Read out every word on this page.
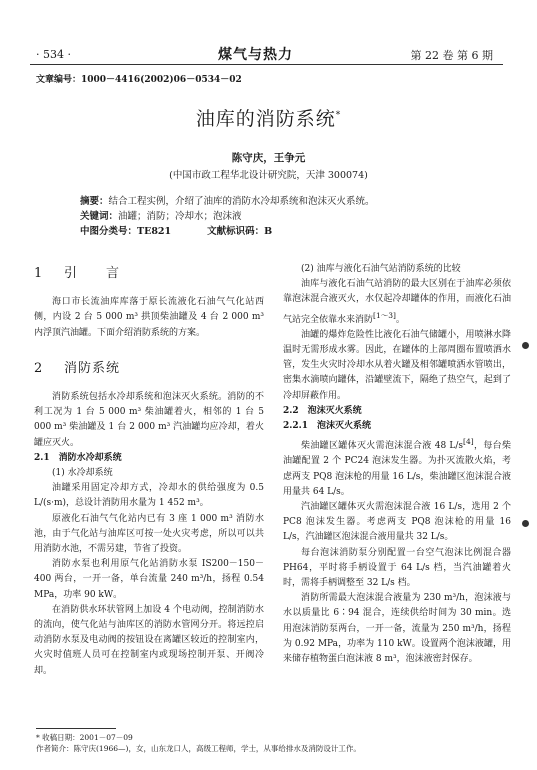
· 534 ·	煤气与热力	第 22 卷 第 6 期
文章编号：1000－4416(2002)06－0534－02
油库的消防系统*
陈守庆，王争元
(中国市政工程华北设计研究院，天津 300074)
摘要：结合工程实例，介绍了油库的消防水冷却系统和泡沫灭火系统。
关键词：油罐；消防；冷却水；泡沫液
中图分类号：TE821	文献标识码：B

1 引　　言

海口市长流油库库落于原长流液化石油气气化站西侧，内设 2 台 5 000 m³ 拱顶柴油罐及 4 台 2 000 m³ 内浮顶汽油罐。下面介绍消防系统的方案。

2 消防系统

消防系统包括水冷却系统和泡沫灭火系统。消防的不利工况为 1 台 5 000 m³ 柴油罐着火，相邻的 1 台 5 000 m³ 柴油罐及 1 台 2 000 m³ 汽油罐均应冷却，着火罐应灭火。

2.1　消防水冷却系统

(1) 水冷却系统

油罐采用固定冷却方式，冷却水的供给强度为 0.5 L/(s·m)，总设计消防用水量为 1 452 m³。

原液化石油气气化站内已有 3 座 1 000 m³ 消防水池，由于气化站与油库区可按一处火灾考虑，所以可以共用消防水池，不需另建，节省了投资。

消防水泵也利用原气化站消防水泵 IS200－150－400 两台，一开一备，单台流量 240 m³/h，扬程 0.54 MPa，功率 90 kW。

在消防供水环状管网上加设 4 个电动阀，控制消防水的流向，使气化站与油库区的消防水管网分开。将远控启动消防水泵及电动阀的按钮设在离罐区较近的控制室内，火灾时值班人员可在控制室内或现场控制开泵、开阀冷却。

(2) 油库与液化石油气站消防系统的比较

油库与液化石油气站消防的最大区别在于油库必须依靠泡沫混合液灭火，水仅起冷却罐体的作用，而液化石油气站完全依靠水来消防[1～3]。

油罐的爆炸危险性比液化石油气储罐小，用喷淋水降温时无需形成水雾。因此，在罐体的上部周圈布置喷洒水管，发生火灾时冷却水从着火罐及相邻罐喷洒水管喷出，密集水滴喷向罐体，沿罐壁流下，隔绝了热空气，起到了冷却屏蔽作用。

2.2　泡沫灭火系统

2.2.1　泡沫灭火系统

柴油罐区罐体灭火需泡沫混合液 48 L/s[4]，每台柴油罐配置 2 个 PC24 泡沫发生器。为扑灭流散火焰，考虑两支 PQ8 泡沫枪的用量 16 L/s，柴油罐区泡沫混合液用量共 64 L/s。

汽油罐区罐体灭火需泡沫混合液 16 L/s，选用 2 个 PC8 泡沫发生器。考虑两支 PQ8 泡沫枪的用量 16 L/s，汽油罐区泡沫混合液用量共 32 L/s。

每台泡沫消防泵分别配置一台空气泡沫比例混合器 PH64，平时将手柄设置于 64 L/s 档，当汽油罐着火时，需将手柄调整至 32 L/s 档。

消防所需最大泡沫混合液量为 230 m³/h，泡沫液与水以质量比 6∶94 混合，连续供给时间为 30 min。选用泡沫消防泵两台，一开一备，流量为 250 m³/h，扬程为 0.92 MPa，功率为 110 kW。设置两个泡沫液罐，用来储存植物蛋白泡沫液 8 m³，泡沫液密封保存。

* 收稿日期：2001－07－09
作者简介：陈守庆(1966—)，女，山东龙口人，高级工程师，学士，从事给排水及消防设计工作。
